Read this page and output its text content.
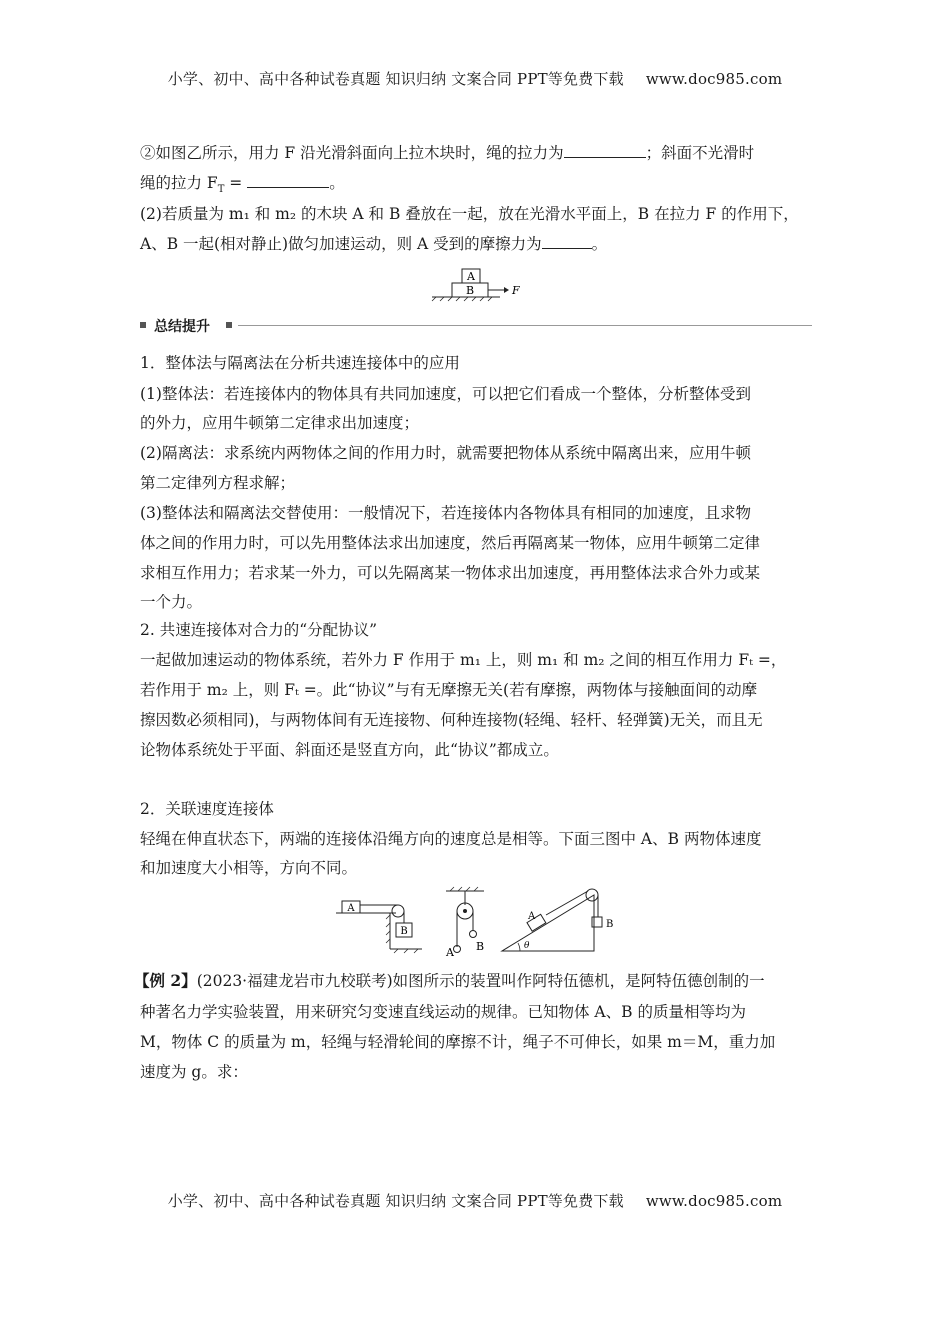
小学、初中、高中各种试卷真题 知识归纳 文案合同 PPT等免费下载 www.doc985.com
②如图乙所示，用力 F 沿光滑斜面向上拉木块时，绳的拉力为	；斜面不光滑时
绳的拉力 $F_T$ =	。
(2)若质量为 m₁ 和 m₂ 的木块 A 和 B 叠放在一起，放在光滑水平面上，B 在拉力 F 的作用下，
A、B 一起(相对静止)做匀加速运动，则 A 受到的摩擦力为	。
A
B	F
总结提升
1．整体法与隔离法在分析共速连接体中的应用
(1)整体法：若连接体内的物体具有共同加速度，可以把它们看成一个整体，分析整体受到
的外力，应用牛顿第二定律求出加速度；
(2)隔离法：求系统内两物体之间的作用力时，就需要把物体从系统中隔离出来，应用牛顿
第二定律列方程求解；
(3)整体法和隔离法交替使用：一般情况下，若连接体内各物体具有相同的加速度，且求物
体之间的作用力时，可以先用整体法求出加速度，然后再隔离某一物体，应用牛顿第二定律
求相互作用力；若求某一外力，可以先隔离某一物体求出加速度，再用整体法求合外力或某
一个力。
2. 共速连接体对合力的“分配协议”
一起做加速运动的物体系统，若外力 F 作用于 m₁ 上，则 m₁ 和 m₂ 之间的相互作用力 Fₜ =，
若作用于 m₂ 上，则 Fₜ =。此“协议”与有无摩擦无关(若有摩擦，两物体与接触面间的动摩
擦因数必须相同)，与两物体间有无连接物、何种连接物(轻绳、轻杆、轻弹簧)无关，而且无
论物体系统处于平面、斜面还是竖直方向，此“协议”都成立。
2．关联速度连接体
轻绳在伸直状态下，两端的连接体沿绳方向的速度总是相等。下面三图中 A、B 两物体速度
和加速度大小相等，方向不同。
A
B
A B
A
B
θ
【例 2】(2023·福建龙岩市九校联考)如图所示的装置叫作阿特伍德机，是阿特伍德创制的一
种著名力学实验装置，用来研究匀变速直线运动的规律。已知物体 A、B 的质量相等均为
M，物体 C 的质量为 m，轻绳与轻滑轮间的摩擦不计，绳子不可伸长，如果 m＝M，重力加
速度为 g。求：
小学、初中、高中各种试卷真题 知识归纳 文案合同 PPT等免费下载 www.doc985.com
